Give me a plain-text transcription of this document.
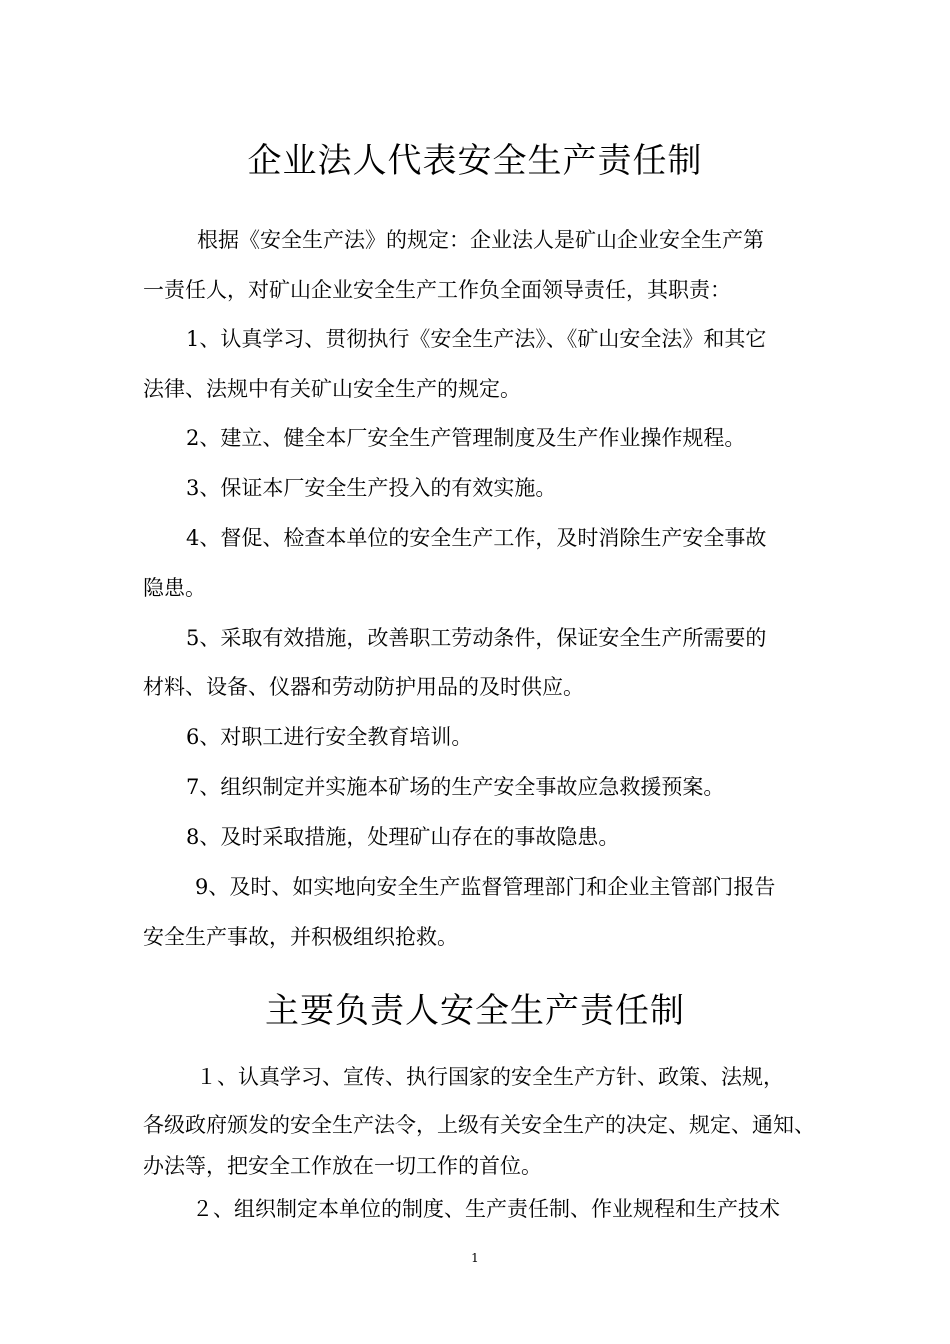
企业法人代表安全生产责任制

根据《安全生产法》的规定：企业法人是矿山企业安全生产第

一责任人，对矿山企业安全生产工作负全面领导责任，其职责：

1、认真学习、贯彻执行《安全生产法》、《矿山安全法》和其它

法律、法规中有关矿山安全生产的规定。

2、建立、健全本厂安全生产管理制度及生产作业操作规程。

3、保证本厂安全生产投入的有效实施。

4、督促、检查本单位的安全生产工作，及时消除生产安全事故

隐患。

5、采取有效措施，改善职工劳动条件，保证安全生产所需要的

材料、设备、仪器和劳动防护用品的及时供应。

6、对职工进行安全教育培训。

7、组织制定并实施本矿场的生产安全事故应急救援预案。

8、及时采取措施，处理矿山存在的事故隐患。

9、及时、如实地向安全生产监督管理部门和企业主管部门报告

安全生产事故，并积极组织抢救。

主要负责人安全生产责任制

１、认真学习、宣传、执行国家的安全生产方针、政策、法规，

各级政府颁发的安全生产法令，上级有关安全生产的决定、规定、通知、

办法等，把安全工作放在一切工作的首位。

２、组织制定本单位的制度、生产责任制、作业规程和生产技术

1
